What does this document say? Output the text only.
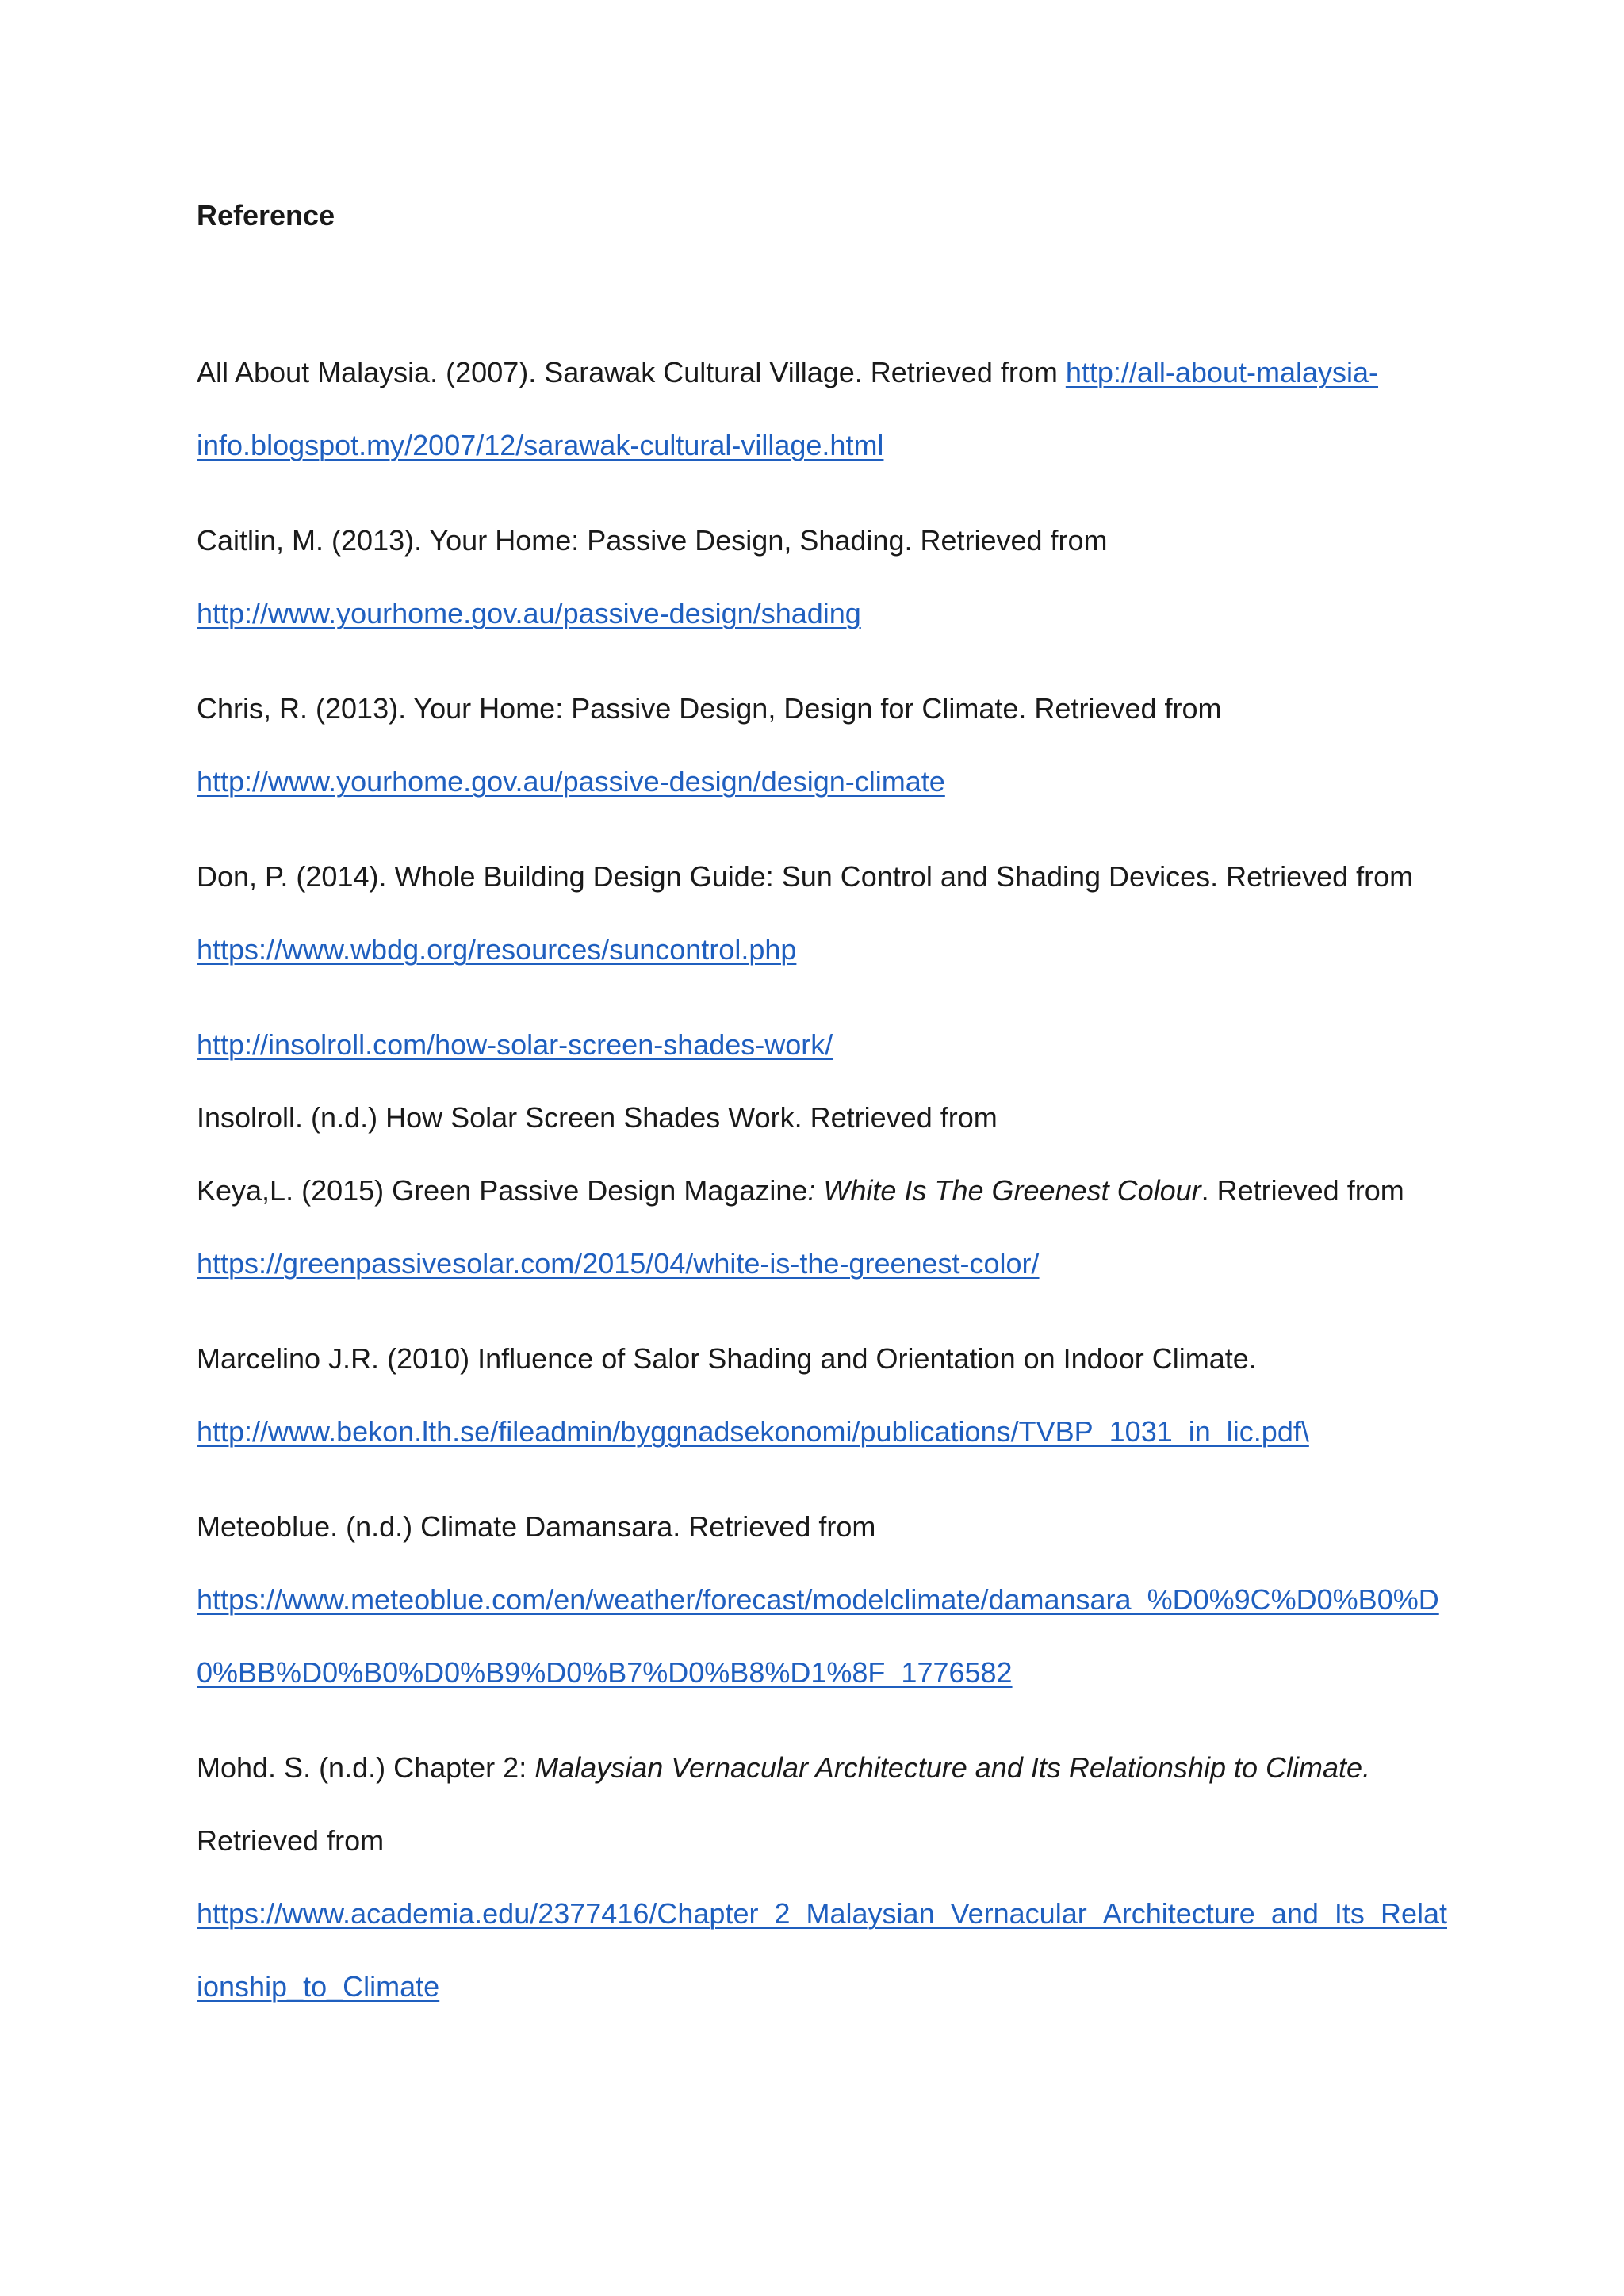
Reference
All About Malaysia. (2007). Sarawak Cultural Village. Retrieved from http://all-about-malaysia-
info.blogspot.my/2007/12/sarawak-cultural-village.html
Caitlin, M. (2013). Your Home: Passive Design, Shading. Retrieved from
http://www.yourhome.gov.au/passive-design/shading
Chris, R. (2013). Your Home: Passive Design, Design for Climate. Retrieved from
http://www.yourhome.gov.au/passive-design/design-climate
Don, P. (2014). Whole Building Design Guide: Sun Control and Shading Devices. Retrieved from
https://www.wbdg.org/resources/suncontrol.php
http://insolroll.com/how-solar-screen-shades-work/
Insolroll. (n.d.) How Solar Screen Shades Work. Retrieved from
Keya,L. (2015) Green Passive Design Magazine: White Is The Greenest Colour. Retrieved from
https://greenpassivesolar.com/2015/04/white-is-the-greenest-color/
Marcelino J.R. (2010) Influence of Salor Shading and Orientation on Indoor Climate.
http://www.bekon.lth.se/fileadmin/byggnadsekonomi/publications/TVBP_1031_in_lic.pdf\
Meteoblue. (n.d.) Climate Damansara. Retrieved from
https://www.meteoblue.com/en/weather/forecast/modelclimate/damansara_%D0%9C%D0%B0%D
0%BB%D0%B0%D0%B9%D0%B7%D0%B8%D1%8F_1776582
Mohd. S. (n.d.) Chapter 2: Malaysian Vernacular Architecture and Its Relationship to Climate.
Retrieved from
https://www.academia.edu/2377416/Chapter_2_Malaysian_Vernacular_Architecture_and_Its_Relat
ionship_to_Climate
